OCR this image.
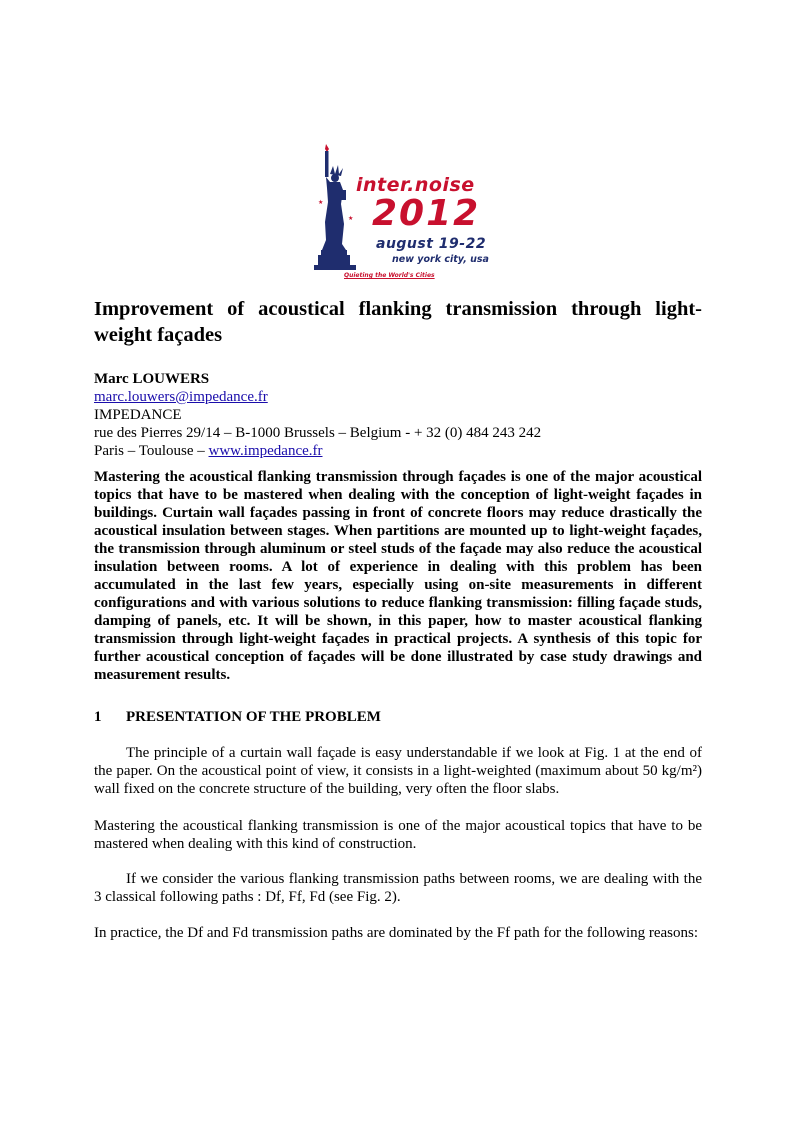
★
★
inter.noise
2012
august 19-22
new york city, usa
Quieting the World's Cities
Improvement of acoustical flanking transmission through light-
weight façades
Marc LOUWERS
marc.louwers@impedance.fr
IMPEDANCE
rue des Pierres 29/14 – B-1000 Brussels – Belgium - + 32 (0) 484 243 242
Paris – Toulouse – www.impedance.fr

Mastering the acoustical flanking transmission through façades is one of the major acoustical topics that have to be mastered when dealing with the conception of light-weight façades in buildings. Curtain wall façades passing in front of concrete floors may reduce drastically the acoustical insulation between stages. When partitions are mounted up to light-weight façades, the transmission through aluminum or steel studs of the façade may also reduce the acoustical insulation between rooms. A lot of experience in dealing with this problem has been accumulated in the last few years, especially using on-site measurements in different configurations and with various solutions to reduce flanking transmission: filling façade studs, damping of panels, etc. It will be shown, in this paper, how to master acoustical flanking transmission through light-weight façades in practical projects. A synthesis of this topic for further acoustical conception of façades will be done illustrated by case study drawings and measurement results.

1 PRESENTATION OF THE PROBLEM

The principle of a curtain wall façade is easy understandable if we look at Fig. 1 at the end of the paper. On the acoustical point of view, it consists in a light-weighted (maximum about 50 kg/m²) wall fixed on the concrete structure of the building, very often the floor slabs.

Mastering the acoustical flanking transmission is one of the major acoustical topics that have to be mastered when dealing with this kind of construction.

If we consider the various flanking transmission paths between rooms, we are dealing with the 3 classical following paths : Df, Ff, Fd (see Fig. 2).

In practice, the Df and Fd transmission paths are dominated by the Ff path for the following reasons:
